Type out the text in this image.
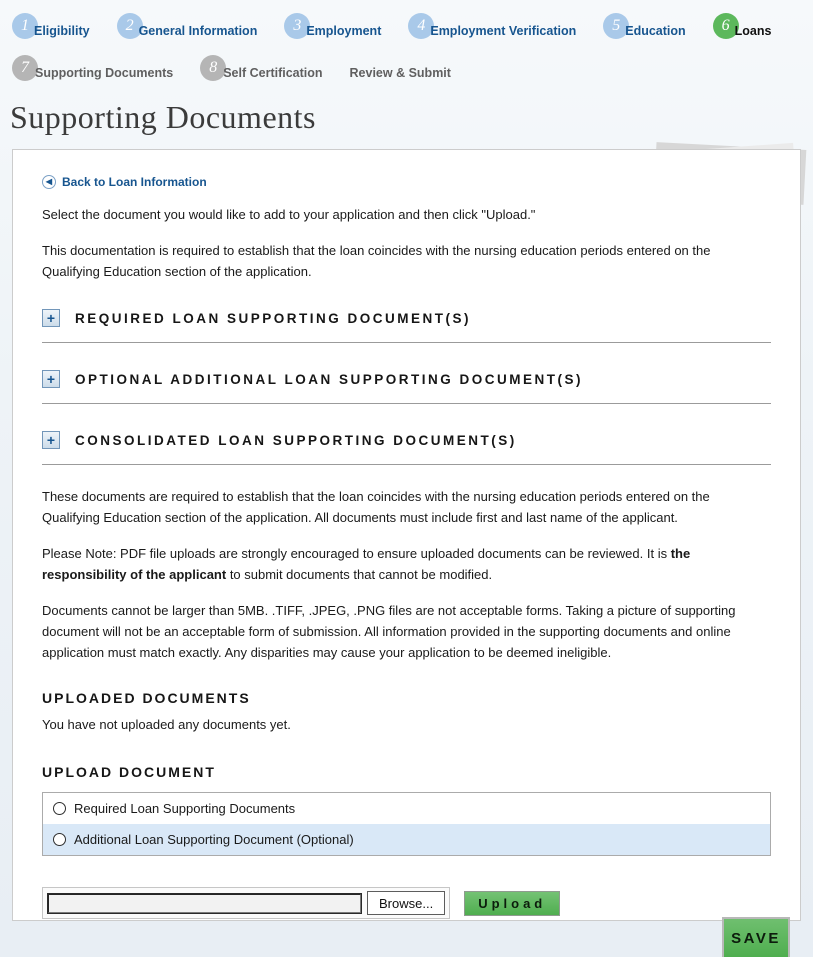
1 Eligibility	2 General Information	3 Employment	4 Employment Verification	5 Education	6 Loans
7 Supporting Documents	8 Self Certification Review & Submit
Supporting Documents
◀ Back to Loan Information

Select the document you would like to add to your application and then click "Upload."

This documentation is required to establish that the loan coincides with the nursing education periods entered on the Qualifying Education section of the application.

+	REQUIRED LOAN SUPPORTING DOCUMENT(S)
+	OPTIONAL ADDITIONAL LOAN SUPPORTING DOCUMENT(S)
+	CONSOLIDATED LOAN SUPPORTING DOCUMENT(S)

These documents are required to establish that the loan coincides with the nursing education periods entered on the Qualifying Education section of the application. All documents must include first and last name of the applicant.

Please Note: PDF file uploads are strongly encouraged to ensure uploaded documents can be reviewed. It is the responsibility of the applicant to submit documents that cannot be modified.

Documents cannot be larger than 5MB. .TIFF, .JPEG, .PNG files are not acceptable forms. Taking a picture of supporting document will not be an acceptable form of submission. All information provided in the supporting documents and online application must match exactly. Any disparities may cause your application to be deemed ineligible.

UPLOADED DOCUMENTS

You have not uploaded any documents yet.

UPLOAD DOCUMENT
Required Loan Supporting Documents
Additional Loan Supporting Document (Optional)
Browse...	Upload
SAVE
